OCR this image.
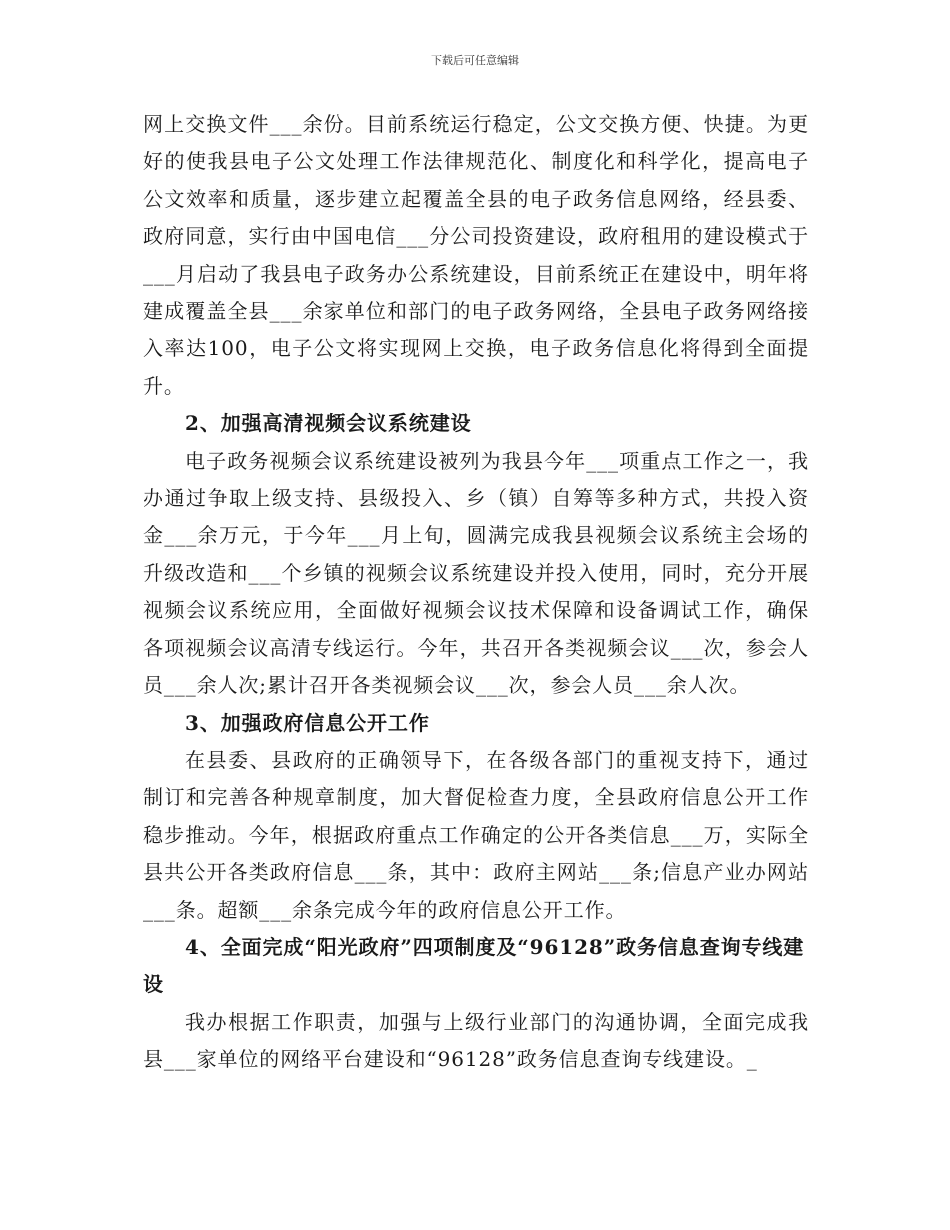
下载后可任意编辑

网上交换文件___余份。目前系统运行稳定，公文交换方便、快捷。为更好的使我县电子公文处理工作法律规范化、制度化和科学化，提高电子公文效率和质量，逐步建立起覆盖全县的电子政务信息网络，经县委、政府同意，实行由中国电信___分公司投资建设，政府租用的建设模式于___月启动了我县电子政务办公系统建设，目前系统正在建设中，明年将建成覆盖全县___余家单位和部门的电子政务网络，全县电子政务网络接入率达100，电子公文将实现网上交换，电子政务信息化将得到全面提升。

2、加强高清视频会议系统建设

电子政务视频会议系统建设被列为我县今年___项重点工作之一，我办通过争取上级支持、县级投入、乡（镇）自筹等多种方式，共投入资金___余万元，于今年___月上旬，圆满完成我县视频会议系统主会场的升级改造和___个乡镇的视频会议系统建设并投入使用，同时，充分开展视频会议系统应用，全面做好视频会议技术保障和设备调试工作，确保各项视频会议高清专线运行。今年，共召开各类视频会议___次，参会人员___余人次;累计召开各类视频会议___次，参会人员___余人次。

3、加强政府信息公开工作

在县委、县政府的正确领导下，在各级各部门的重视支持下，通过制订和完善各种规章制度，加大督促检查力度，全县政府信息公开工作稳步推动。今年，根据政府重点工作确定的公开各类信息___万，实际全县共公开各类政府信息___条，其中：政府主网站___条;信息产业办网站___条。超额___余条完成今年的政府信息公开工作。

4、全面完成“阳光政府”四项制度及“96128”政务信息查询专线建设

我办根据工作职责，加强与上级行业部门的沟通协调，全面完成我县___家单位的网络平台建设和“96128”政务信息查询专线建设。_
